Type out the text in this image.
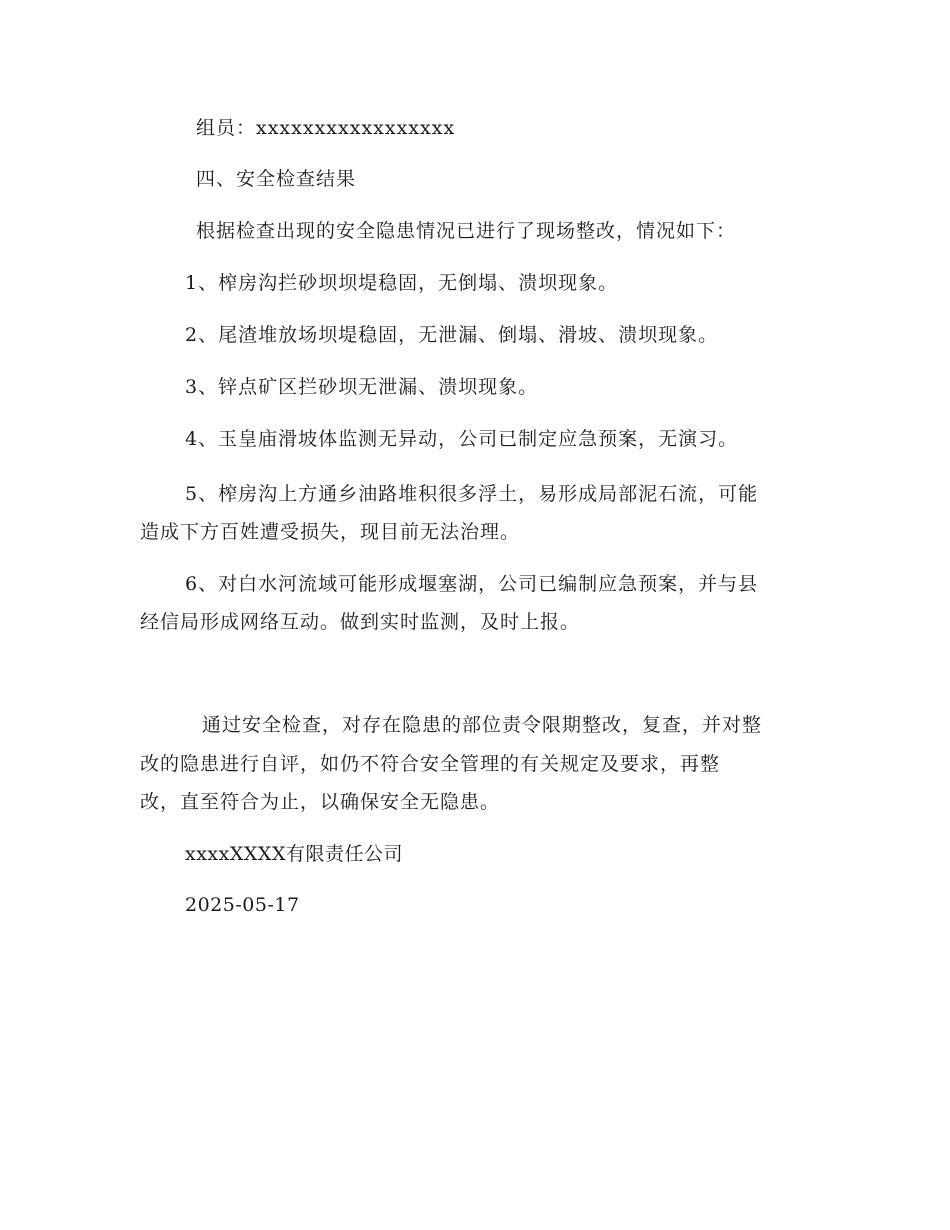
组员：xxxxxxxxxxxxxxxxx
四、安全检查结果
根据检查出现的安全隐患情况已进行了现场整改，情况如下：
1、榨房沟拦砂坝坝堤稳固，无倒塌、溃坝现象。
2、尾渣堆放场坝堤稳固，无泄漏、倒塌、滑坡、溃坝现象。
3、锌点矿区拦砂坝无泄漏、溃坝现象。
4、玉皇庙滑坡体监测无异动，公司已制定应急预案，无演习。
5、榨房沟上方通乡油路堆积很多浮土，易形成局部泥石流，可能
造成下方百姓遭受损失，现目前无法治理。
6、对白水河流域可能形成堰塞湖，公司已编制应急预案，并与县
经信局形成网络互动。做到实时监测，及时上报。
通过安全检查，对存在隐患的部位责令限期整改，复查，并对整
改的隐患进行自评，如仍不符合安全管理的有关规定及要求，再整
改，直至符合为止，以确保安全无隐患。
xxxxXXXX有限责任公司
2025-05-17
